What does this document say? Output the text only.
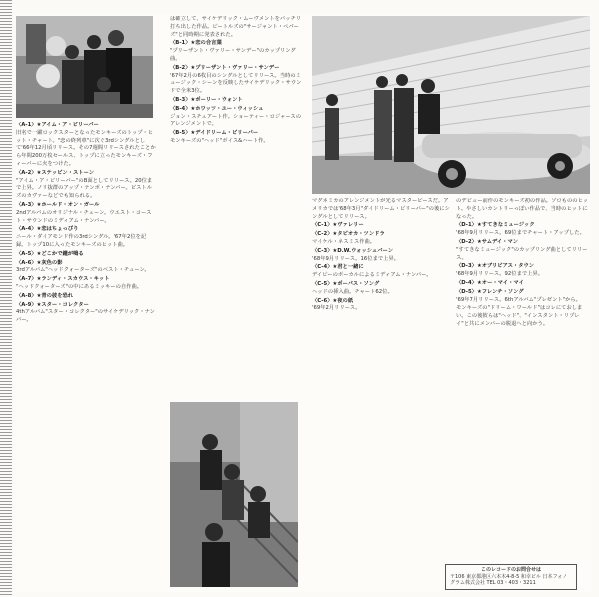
〈A-1〉★アイム・ア・ビリーバー
旧名で一躍ロックスターとなったモンキーズのトップ・ヒット・チャート。"恋の終列車"に次ぐ3rdシングルとして'66年12月頃リリース。その7週間リリースされたことから年間200万枚セールス、トップに立ったモンキーズ・フィーバーに火をつけた。

〈A-2〉★ステッピン・ストーン
"アイム・ア・ビリーバー"のB面としてリリース。20位まで上昇。ノリ抜群のアップ・テンポ・ナンバー。ピストルズのカヴァーなどでも知られる。

〈A-3〉★ホールド・オン・ガール
2ndアルバムのオリジナル・チューン。ウエスト・コースト・サウンドのミディアム・ナンバー。

〈A-4〉★恋はちょっぴり
ニール・ダイアモンド作の3rdシングル。'67年2位を記録。トップ10に入ったモンキーズのヒット曲。

〈A-5〉★どこかで鐘が鳴る

〈A-6〉★灰色の影
3rdアルバム"ヘッドクォーターズ"のベスト・チューン。

〈A-7〉★ランディ・スカウス・キット
"ヘッドクォーターズ"の中にあるミッキーの自作曲。

〈A-8〉★青の彼を恐れ

〈A-9〉★スター・コレクター
4thアルバム"スター・コレクター"のサイケデリック・ナンバー。

は確立して、サイケデリック・ムーヴメントをバッチリ打ち出した作品。ビートルズの"サージャント・ペパーズ"と同時期に発表された。

〈B-1〉★恋の合言葉
"プリーザント・ヴァリー・サンデー"のカップリング曲。

〈B-2〉★プリーザント・ヴァリー・サンデー
'67年2月の6枚目のシングルとしてリリース。当時のミュージック・シーンを反映したサイケデリック・サウンドで全米3位。

〈B-3〉★ポーリー・ウォント

〈B-4〉★ホワッツ・ユー・ウィッシュ
ジョン・スチュアート作。ショーティー・ロジャースのアレンジメントで。

〈B-5〉★デイドリーム・ビリーバー
モンキーズの"ヘッド"ボイス&ハート作。

マグネミカのアレンジメントが光るマスターピースだ。アメリカでは'68年3月"ダイドリーム・ビリーバー"の後にシングルとしてリリース。

〈C-1〉★ヴァレリー

〈C-2〉★タピオカ・ツンドラ
マイケル・ネスミス作曲。

〈C-3〉★D.W.ウォッシュバーン
'68年9月リリース。16位まで上昇。

〈C-4〉★君と一緒に
デイビーのボーカルによるミディアム・ナンバー。

〈C-5〉★ポーパス・ソング
ヘッドの挿入曲。チャート62位。

〈C-6〉★夜の紙
'69年2月リリース。

のデビュー前作のモンキーズ初の作品。ソロもののヒット。やさしいカントリーっぽい作品で、当時のヒットになった。

〈D-1〉★すてきなミュージック
'68年9月リリース。69位までチャート・アップした。

〈D-2〉★サムデイ・マン
"すてきなミュージック"のカップリング曲としてリリース。

〈D-3〉★オブリビアス・タウン
'68年9月リリース。92位まで上昇。

〈D-4〉★オー・マイ・マイ

〈D-5〉★フレンチ・ソング
'69年7月リリース。6thアルバム"プレゼント"から。

モンキーズの"ドリーム・ワールド"はコレにておしまい。この後彼らは"ヘッド"、"インスタント・リプレイ"と共にメンバーの脱退へと向かう。

このレコードのお問合せは
〒106 東京都港区六本木4-8-5 和幸ビル 日本フォノグラム株式会社 TEL 03・403・3211
